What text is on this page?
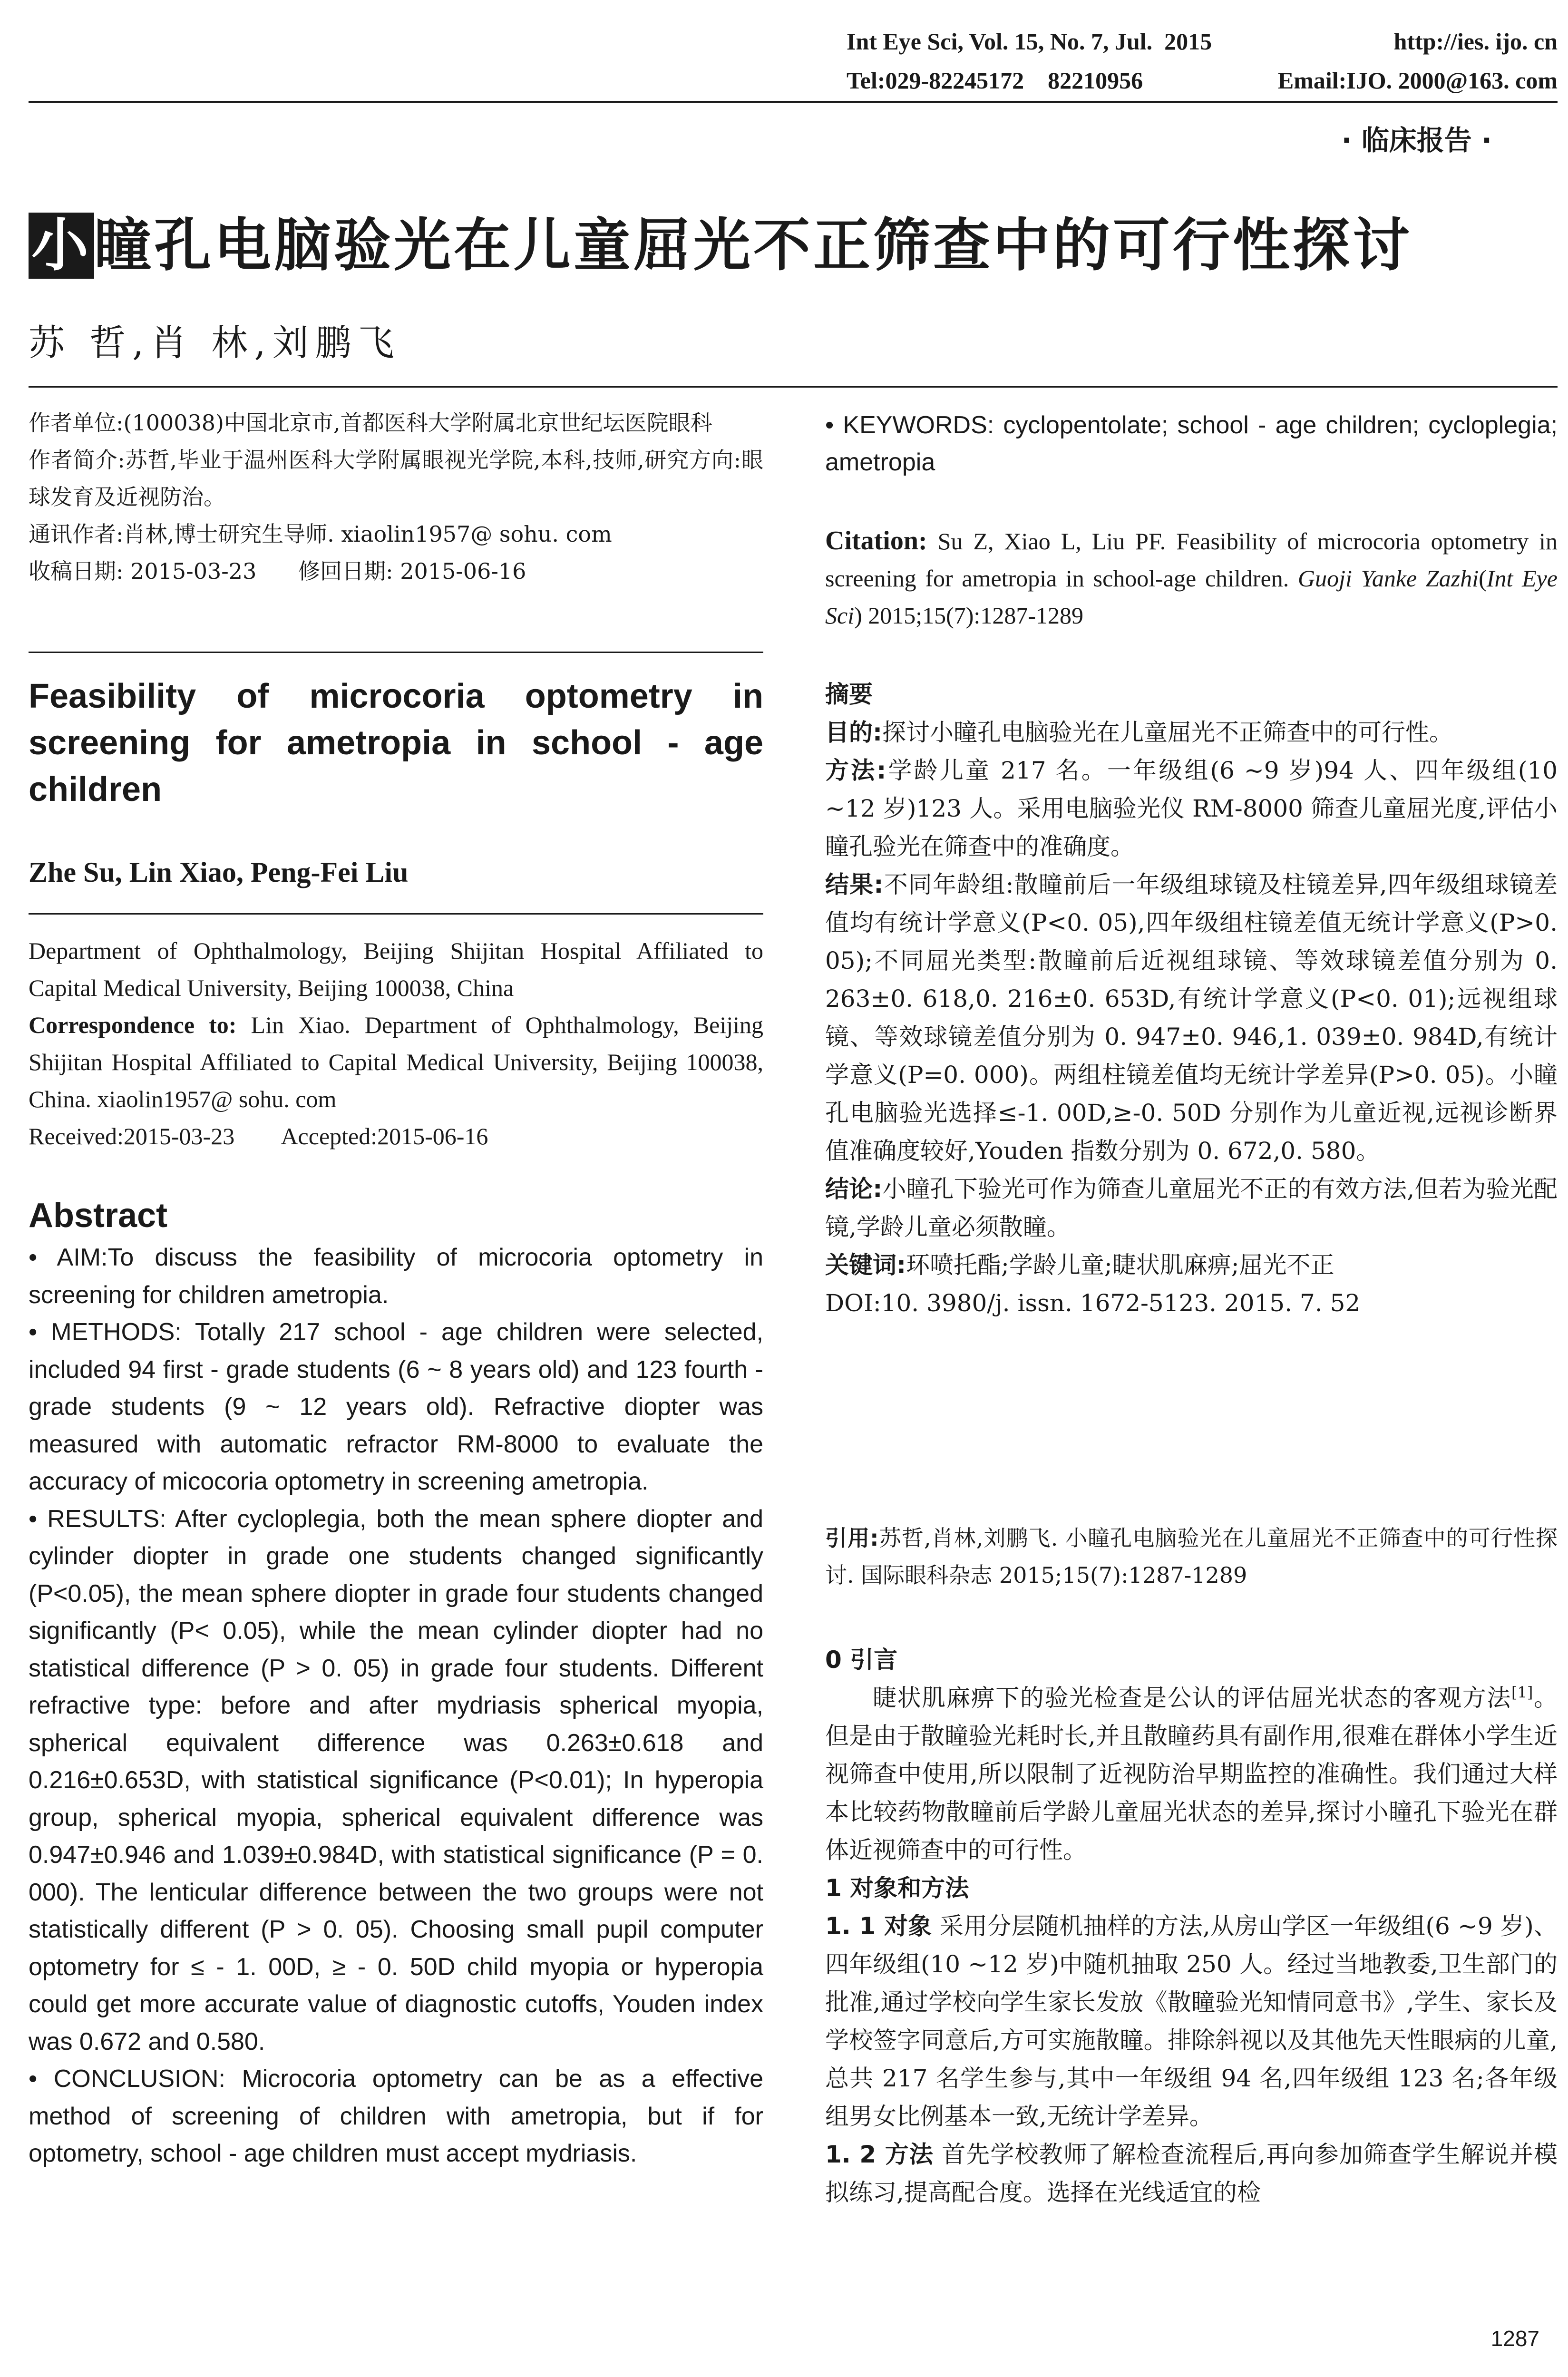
Int Eye Sci, Vol. 15, No. 7, Jul.  2015	http://ies. ijo. cn
Tel:029-82245172    82210956	Email:IJO. 2000@163. com
· 临床报告 ·
小瞳孔电脑验光在儿童屈光不正筛查中的可行性探讨
苏 哲,肖 林,刘鹏飞

作者单位:(100038)中国北京市,首都医科大学附属北京世纪坛医院眼科

作者简介:苏哲,毕业于温州医科大学附属眼视光学院,本科,技师,研究方向:眼球发育及近视防治。

通讯作者:肖林,博士研究生导师. xiaolin1957@ sohu. com

收稿日期: 2015-03-23      修回日期: 2015-06-16

Feasibility of microcoria optometry in screening for ametropia in school - age children
Zhe Su, Lin Xiao, Peng-Fei Liu

Department of Ophthalmology, Beijing Shijitan Hospital Affiliated to Capital Medical University, Beijing 100038, China

Correspondence to: Lin Xiao. Department of Ophthalmology, Beijing Shijitan Hospital Affiliated to Capital Medical University, Beijing 100038, China. xiaolin1957@ sohu. com

Received:2015-03-23        Accepted:2015-06-16

Abstract

• AIM:To discuss the feasibility of microcoria optometry in screening for children ametropia.

• METHODS: Totally 217 school - age children were selected, included 94 first - grade students (6 ~ 8 years old) and 123 fourth - grade students (9 ~ 12 years old). Refractive diopter was measured with automatic refractor RM-8000 to evaluate the accuracy of micocoria optometry in screening ametropia.

• RESULTS: After cycloplegia, both the mean sphere diopter and cylinder diopter in grade one students changed significantly (P<0.05), the mean sphere diopter in grade four students changed significantly (P< 0.05), while the mean cylinder diopter had no statistical difference (P > 0. 05) in grade four students. Different refractive type: before and after mydriasis spherical myopia, spherical equivalent difference was 0.263±0.618 and 0.216±0.653D, with statistical significance (P<0.01); In hyperopia group, spherical myopia, spherical equivalent difference was 0.947±0.946 and 1.039±0.984D, with statistical significance (P = 0. 000). The lenticular difference between the two groups were not statistically different (P > 0. 05). Choosing small pupil computer optometry for ≤ - 1. 00D, ≥ - 0. 50D child myopia or hyperopia could get more accurate value of diagnostic cutoffs, Youden index was 0.672 and 0.580.

• CONCLUSION: Microcoria optometry can be as a effective method of screening of children with ametropia, but if for optometry, school - age children must accept mydriasis.

• KEYWORDS: cyclopentolate; school - age children; cycloplegia; ametropia

Citation: Su Z, Xiao L, Liu PF. Feasibility of microcoria optometry in screening for ametropia in school-age children. Guoji Yanke Zazhi(Int Eye Sci) 2015;15(7):1287-1289

摘要

目的:探讨小瞳孔电脑验光在儿童屈光不正筛查中的可行性。

方法:学龄儿童 217 名。一年级组(6 ~9 岁)94 人、四年级组(10 ~12 岁)123 人。采用电脑验光仪 RM-8000 筛查儿童屈光度,评估小瞳孔验光在筛查中的准确度。

结果:不同年龄组:散瞳前后一年级组球镜及柱镜差异,四年级组球镜差值均有统计学意义(P<0. 05),四年级组柱镜差值无统计学意义(P>0. 05);不同屈光类型:散瞳前后近视组球镜、等效球镜差值分别为 0. 263±0. 618,0. 216±0. 653D,有统计学意义(P<0. 01);远视组球镜、等效球镜差值分别为 0. 947±0. 946,1. 039±0. 984D,有统计学意义(P=0. 000)。两组柱镜差值均无统计学差异(P>0. 05)。小瞳孔电脑验光选择≤-1. 00D,≥-0. 50D 分别作为儿童近视,远视诊断界值准确度较好,Youden 指数分别为 0. 672,0. 580。

结论:小瞳孔下验光可作为筛查儿童屈光不正的有效方法,但若为验光配镜,学龄儿童必须散瞳。

关键词:环喷托酯;学龄儿童;睫状肌麻痹;屈光不正

DOI:10. 3980/j. issn. 1672-5123. 2015. 7. 52

引用:苏哲,肖林,刘鹏飞. 小瞳孔电脑验光在儿童屈光不正筛查中的可行性探讨. 国际眼科杂志 2015;15(7):1287-1289

0 引言

睫状肌麻痹下的验光检查是公认的评估屈光状态的客观方法[1]。但是由于散瞳验光耗时长,并且散瞳药具有副作用,很难在群体小学生近视筛查中使用,所以限制了近视防治早期监控的准确性。我们通过大样本比较药物散瞳前后学龄儿童屈光状态的差异,探讨小瞳孔下验光在群体近视筛查中的可行性。

1 对象和方法

1. 1 对象 采用分层随机抽样的方法,从房山学区一年级组(6 ~9 岁)、四年级组(10 ~12 岁)中随机抽取 250 人。经过当地教委,卫生部门的批准,通过学校向学生家长发放《散瞳验光知情同意书》,学生、家长及学校签字同意后,方可实施散瞳。排除斜视以及其他先天性眼病的儿童,总共 217 名学生参与,其中一年级组 94 名,四年级组 123 名;各年级组男女比例基本一致,无统计学差异。

1. 2 方法 首先学校教师了解检查流程后,再向参加筛查学生解说并模拟练习,提高配合度。选择在光线适宜的检

1287
